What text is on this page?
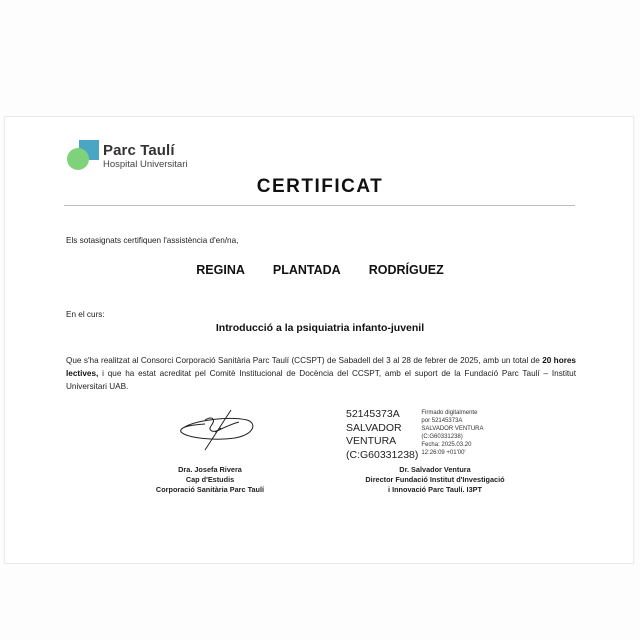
Parc Taulí
Hospital Universitari
CERTIFICAT
Els sotasignats certifiquen l'assistència d'en/na,
REGINA PLANTADA RODRÍGUEZ
En el curs:
Introducció a la psiquiatria infanto-juvenil
Que s'ha realitzat al Consorci Corporació Sanitària Parc Taulí (CCSPT) de Sabadell del 3 al 28 de febrer de 2025, amb un total de 20 hores lectives, i que ha estat acreditat pel Comitè Institucional de Docència del CCSPT, amb el suport de la Fundació Parc Taulí – Institut Universitari UAB.
Dra. Josefa Rivera
Cap d'Estudis
Corporació Sanitària Parc Taulí
52145373A
SALVADOR
VENTURA
(C:G60331238)
Firmado digitalmente
por 52145373A
SALVADOR VENTURA
(C:G60331238)
Fecha: 2025.03.20
12:26:09 +01'00'
Dr. Salvador Ventura
Director Fundació Institut d'Investigació
i Innovació Parc Taulí. I3PT
